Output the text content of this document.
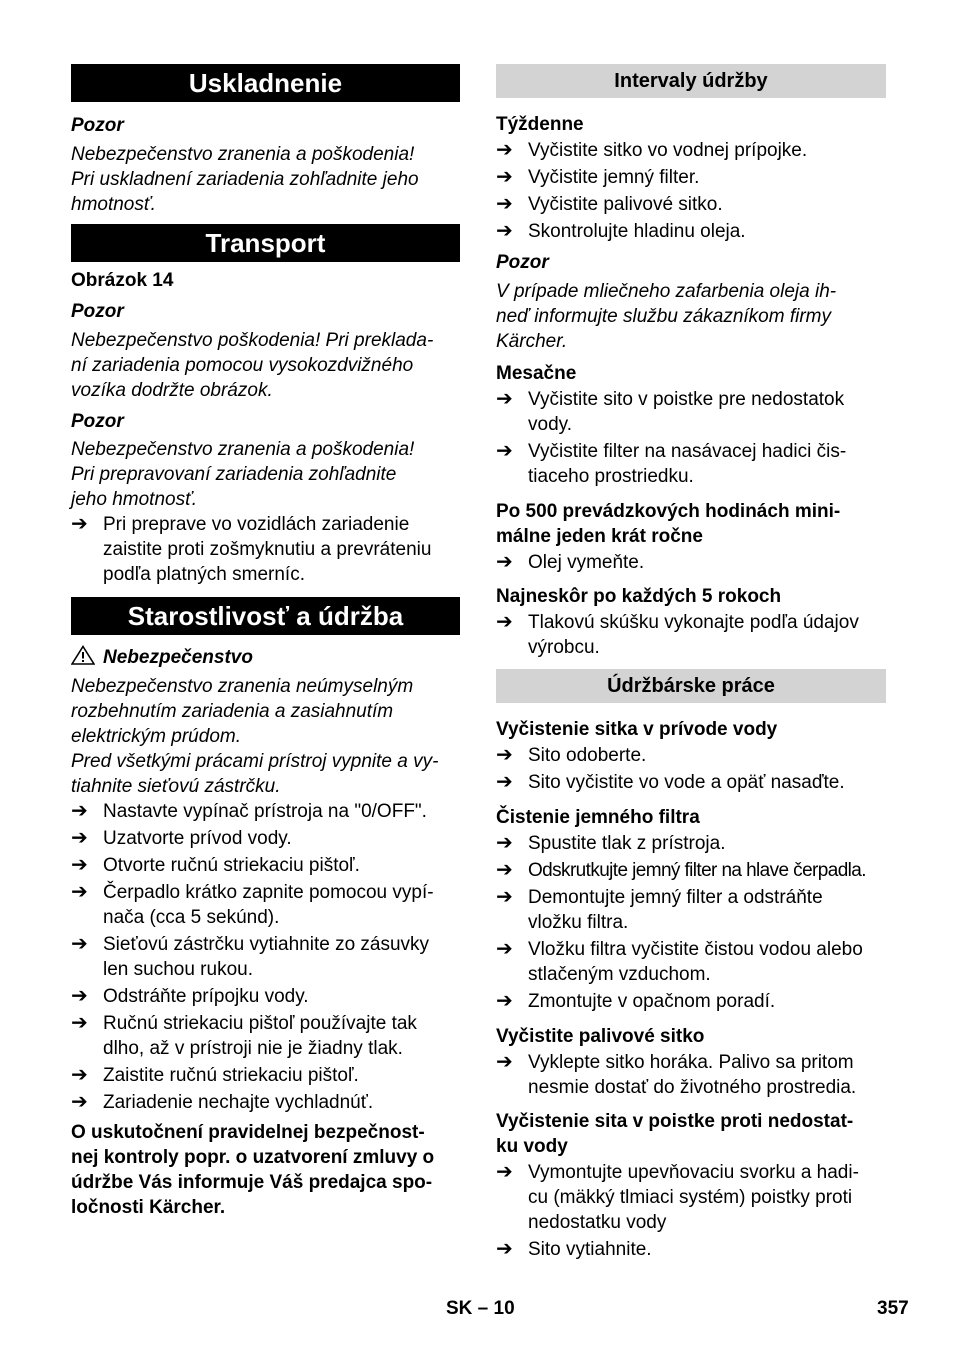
Uskladnenie
Pozor
Nebezpečenstvo zranenia a poškodenia!
Pri uskladnení zariadenia zohľadnite jeho
hmotnosť.
Transport
Obrázok 14
Pozor
Nebezpečenstvo poškodenia! Pri preklada-
ní zariadenia pomocou vysokozdvižného
vozíka dodržte obrázok.
Pozor
Nebezpečenstvo zranenia a poškodenia!
Pri prepravovaní zariadenia zohľadnite
jeho hmotnosť.
➔ Pri preprave vo vozidlách zariadenie
zaistite proti zošmyknutiu a prevráteniu
podľa platných smerníc.
Starostlivosť a údržba
Nebezpečenstvo
Nebezpečenstvo zranenia neúmyselným
rozbehnutím zariadenia a zasiahnutím
elektrickým prúdom.
Pred všetkými prácami prístroj vypnite a vy-
tiahnite sieťovú zástrčku.
➔ Nastavte vypínač prístroja na "0/OFF".
➔ Uzatvorte prívod vody.
➔ Otvorte ručnú striekaciu pištoľ.
➔ Čerpadlo krátko zapnite pomocou vypí-
nača (cca 5 sekúnd).
➔ Sieťovú zástrčku vytiahnite zo zásuvky
len suchou rukou.
➔ Odstráňte prípojku vody.
➔ Ručnú striekaciu pištoľ používajte tak
dlho, až v prístroji nie je žiadny tlak.
➔ Zaistite ručnú striekaciu pištoľ.
➔ Zariadenie nechajte vychladnúť.
O uskutočnení pravidelnej bezpečnost-
nej kontroly popr. o uzatvorení zmluvy o
údržbe Vás informuje Váš predajca spo-
ločnosti Kärcher.
Intervaly údržby
Týždenne
➔ Vyčistite sitko vo vodnej prípojke.
➔ Vyčistite jemný filter.
➔ Vyčistite palivové sitko.
➔ Skontrolujte hladinu oleja.
Pozor
V prípade mliečneho zafarbenia oleja ih-
neď informujte službu zákazníkom firmy
Kärcher.
Mesačne
➔ Vyčistite sito v poistke pre nedostatok
vody.
➔ Vyčistite filter na nasávacej hadici čis-
tiaceho prostriedku.
Po 500 prevádzkových hodinách mini-
málne jeden krát ročne
➔ Olej vymeňte.
Najneskôr po každých 5 rokoch
➔ Tlakovú skúšku vykonajte podľa údajov
výrobcu.
Údržbárske práce
Vyčistenie sitka v prívode vody
➔ Sito odoberte.
➔ Sito vyčistite vo vode a opäť nasaďte.
Čistenie jemného filtra
➔ Spustite tlak z prístroja.
➔ Odskrutkujte jemný filter na hlave čerpadla.
➔ Demontujte jemný filter a odstráňte
vložku filtra.
➔ Vložku filtra vyčistite čistou vodou alebo
stlačeným vzduchom.
➔ Zmontujte v opačnom poradí.
Vyčistite palivové sitko
➔ Vyklepte sitko horáka. Palivo sa pritom
nesmie dostať do životného prostredia.
Vyčistenie sita v poistke proti nedostat-
ku vody
➔ Vymontujte upevňovaciu svorku a hadi-
cu (mäkký tlmiaci systém) poistky proti
nedostatku vody
➔ Sito vytiahnite.
SK – 10	357
